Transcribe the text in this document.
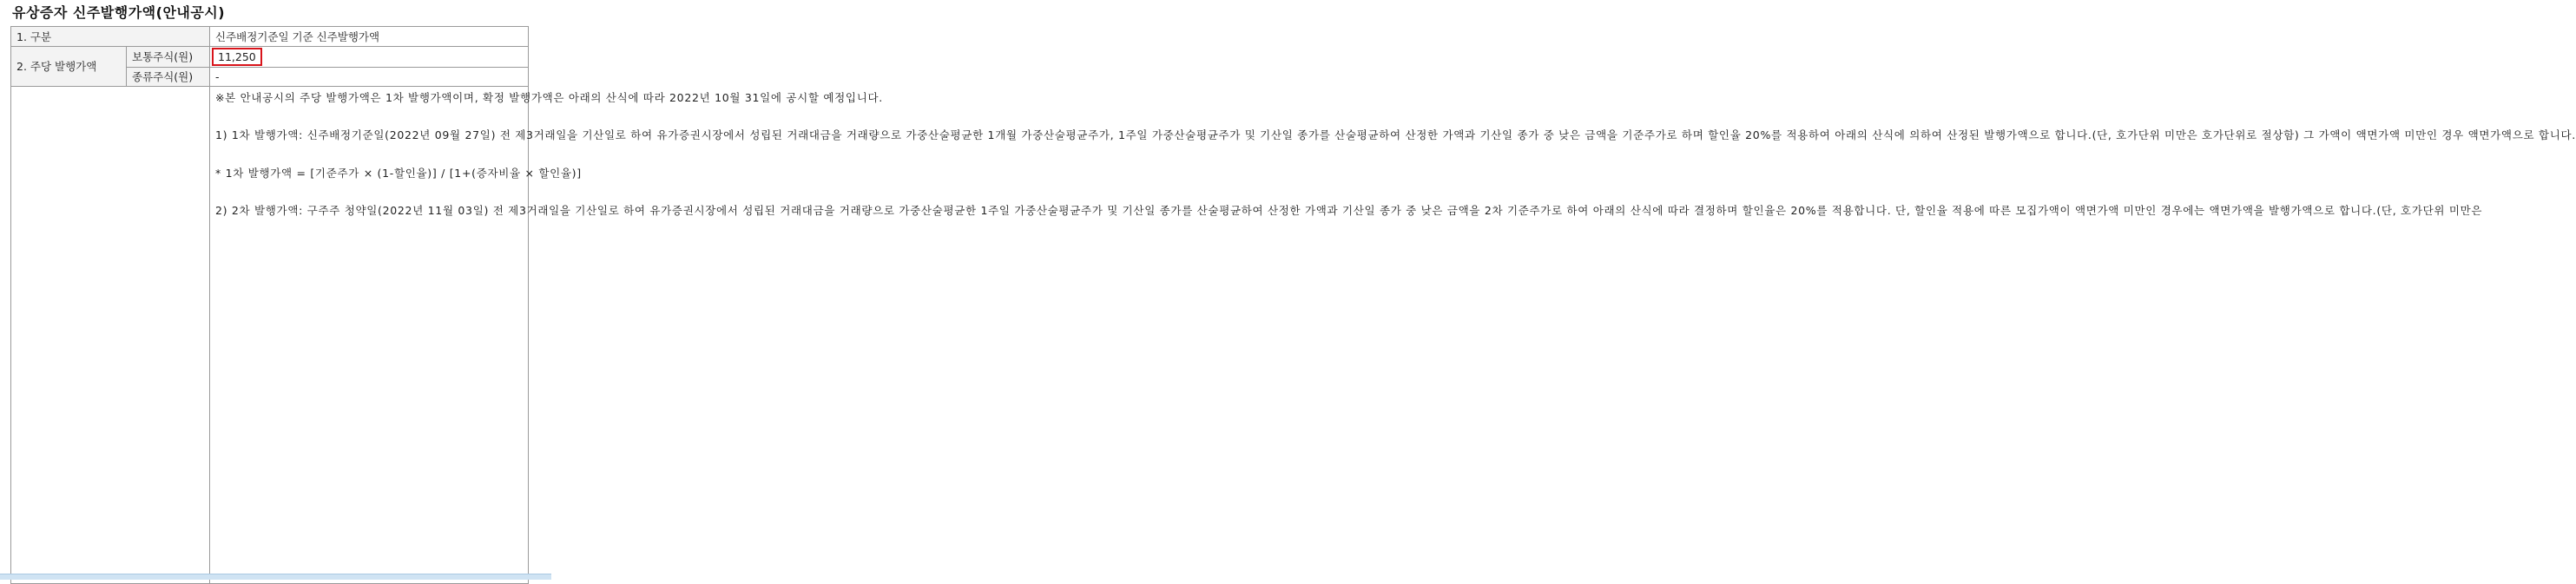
유상증자 신주발행가액(안내공시)
1. 구분		신주배정기준일 기준 신주발행가액
2. 주당 발행가액	보통주식(원)	11,250
	종류주식(원)	-

		※본 안내공시의 주당 발행가액은 1차 발행가액이며, 확정 발행가액은 아래의 산식에 따라 2022년 10월 31일에 공시할 예정입니다.

1) 1차 발행가액: 신주배정기준일(2022년 09월 27일) 전 제3거래일을 기산일로 하여 유가증권시장에서 성립된 거래대금을 거래량으로 가중산술평균한 1개월 가중산술평균주가, 1주일 가중산술평균주가 및 기산일 종가를 산술평균하여 산정한 가액과 기산일 종가 중 낮은 금액을 기준주가로 하며 할인율 20%를 적용하여 아래의 산식에 의하여 산정된 발행가액으로 합니다.(단, 호가단위 미만은 호가단위로 절상함) 그 가액이 액면가액 미만인 경우 액면가액으로 합니다.

* 1차 발행가액 = [기준주가 × (1-할인율)] / [1+(증자비율 × 할인율)]

2) 2차 발행가액: 구주주 청약일(2022년 11월 03일) 전 제3거래일을 기산일로 하여 유가증권시장에서 성립된 거래대금을 거래량으로 가중산술평균한 1주일 가중산술평균주가 및 기산일 종가를 산술평균하여 산정한 가액과 기산일 종가 중 낮은 금액을 2차 기준주가로 하여 아래의 산식에 따라 결정하며 할인율은 20%를 적용합니다. 단, 할인율 적용에 따른 모집가액이 액면가액 미만인 경우에는 액면가액을 발행가액으로 합니다.(단, 호가단위 미만은
